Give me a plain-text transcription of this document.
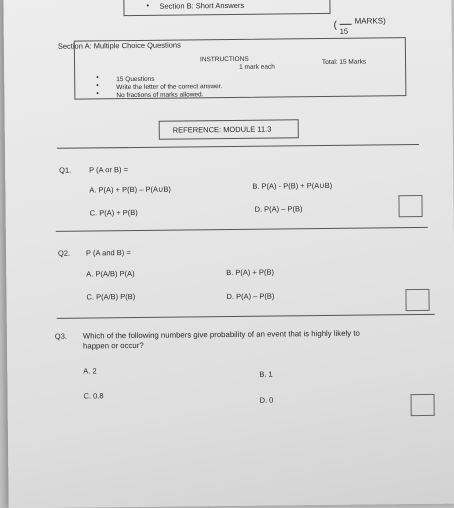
• Section B: Short Answers
(
15
MARKS)
Section A: Multiple Choice Questions
INSTRUCTIONS
1 mark each
Total: 15 Marks
•	15 Questions
•	Write the letter of the correct answer.
•	No fractions of marks allowed.
REFERENCE: MODULE 11.3
Q1. P (A or B) =
A. P(A) + P(B) – P(A∪B)	B. P(A) - P(B) + P(A∪B)
C. P(A) + P(B)	D. P(A) – P(B)
Q2. P (A and B) =
A. P(A/B) P(A)	B. P(A) + P(B)
C. P(A/B) P(B)	D. P(A) – P(B)
Q3. Which of the following numbers give probability of an event that is highly likely to
happen or occur?
A. 2	B. 1
C. 0.8	D. 0
